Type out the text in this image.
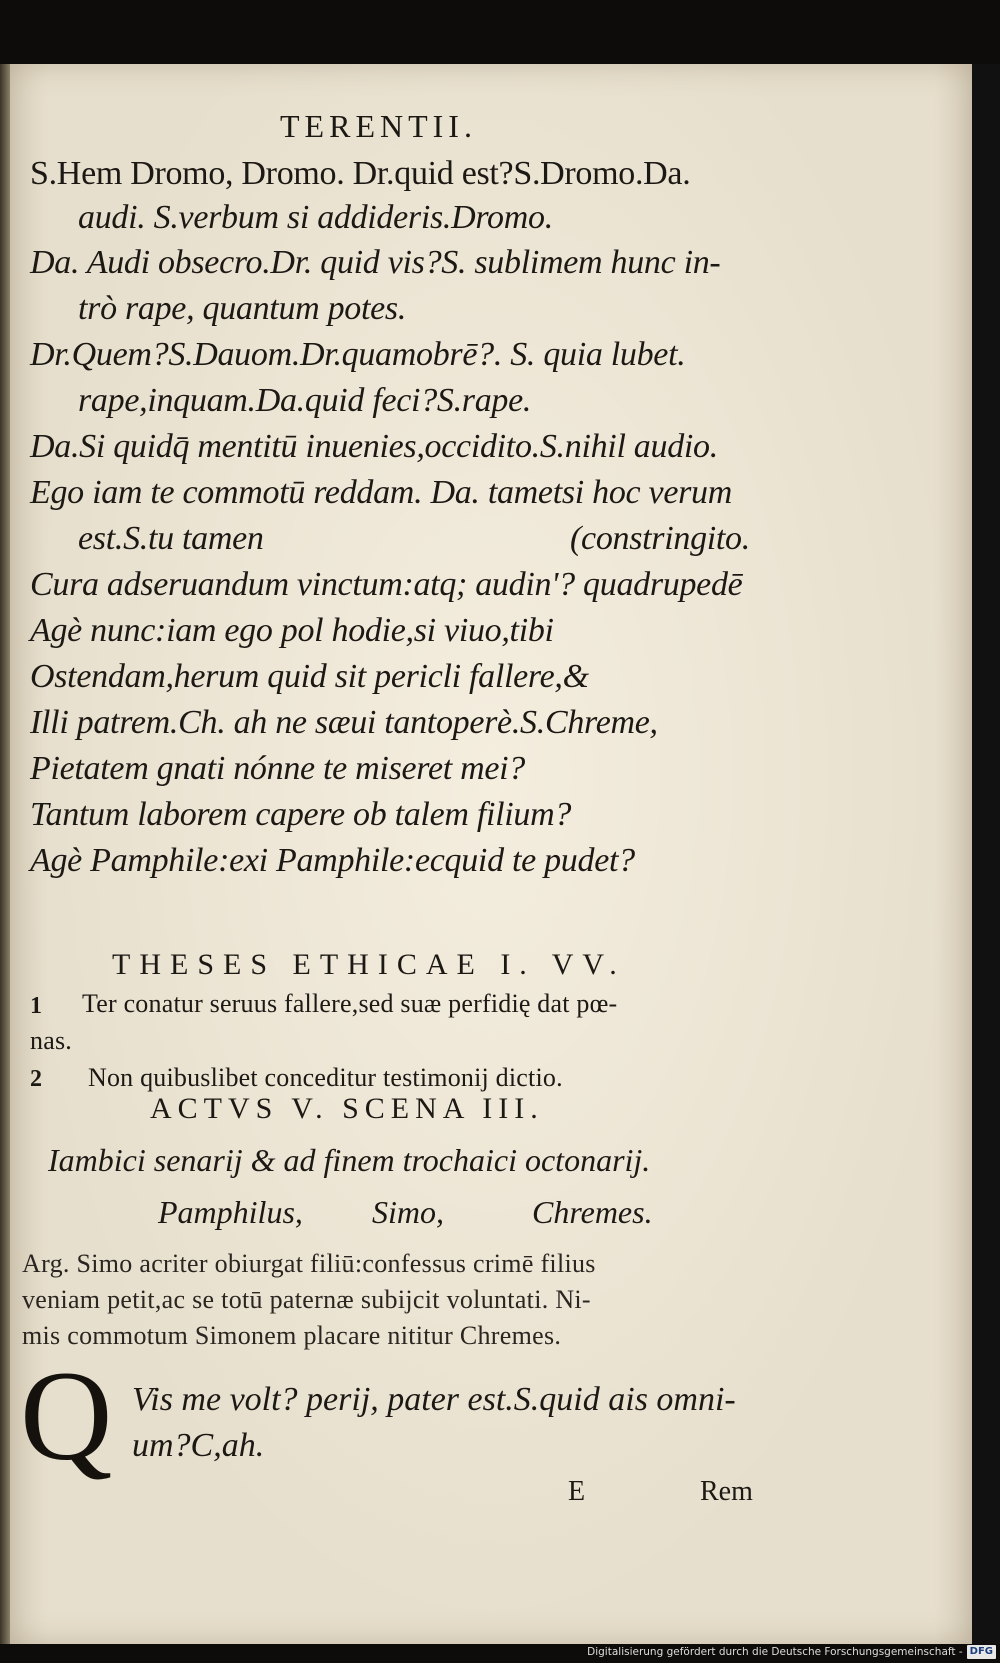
TERENTII.
S.Hem Dromo, Dromo. Dr.quid est?S.Dromo.Da.
audi. S.verbum si addideris.Dromo.
Da. Audi obsecro.Dr. quid vis?S. sublimem hunc in-
trò rape, quantum potes.
Dr.Quem?S.Dauom.Dr.quamobrē?. S. quia lubet.
rape,inquam.Da.quid feci?S.rape.
Da.Si quidq̄ mentitū inuenies,occidito.S.nihil audio.
Ego iam te commotū reddam. Da. tametsi hoc verum
est.S.tu tamen	(constringito.
Cura adseruandum vinctum:atq; audin'? quadrupedē
Agè nunc:iam ego pol hodie,si viuo,tibi
Ostendam,herum quid sit pericli fallere,&
Illi patrem.Ch. ah ne sæui tantoperè.S.Chreme,
Pietatem gnati nónne te miseret mei?
Tantum laborem capere ob talem filium?
Agè Pamphile:exi Pamphile:ecquid te pudet?
THESES ETHICAE I. VV.
1 Ter conatur seruus fallere,sed suæ perfidię dat pœ-
nas.
2 Non quibuslibet conceditur testimonij dictio.
ACTVS V. SCENA III.
Iambici senarij & ad finem trochaici octonarij.
Pamphilus, Simo,	Chremes.
Arg. Simo acriter obiurgat filiū:confessus crimē filius
veniam petit,ac se totū paternæ subijcit voluntati. Ni-
mis commotum Simonem placare nititur Chremes.
Q Vis me volt? perij, pater est.S.quid ais omni-
um?C,ah.
E	Rem
Digitalisierung gefördert durch die Deutsche Forschungsgemeinschaft - DFG
